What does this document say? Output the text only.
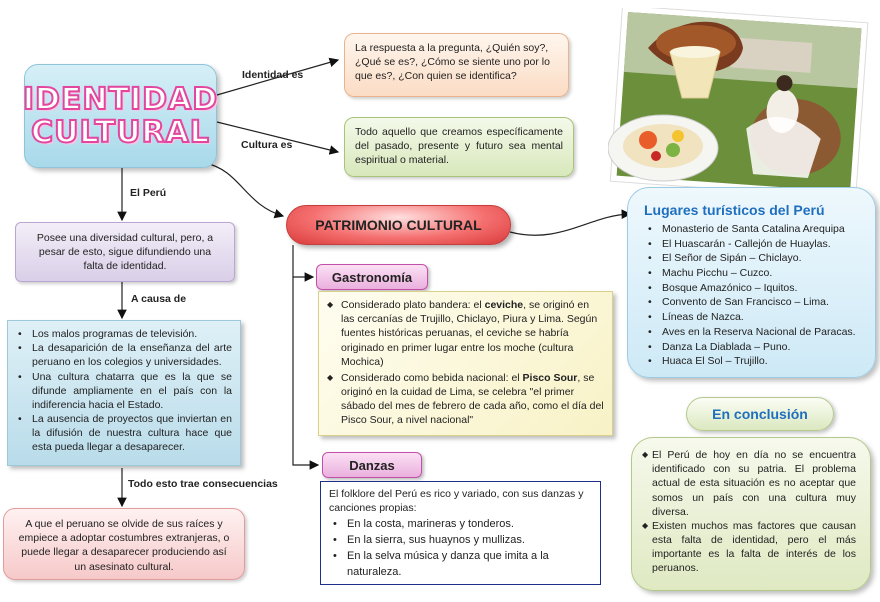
IDENTIDAD
CULTURAL
Identidad es
Cultura es
El Perú
A causa de
Todo esto trae consecuencias
La respuesta a la pregunta, ¿Quién soy?, ¿Qué se es?, ¿Cómo se siente uno por lo que es?, ¿Con quien se identifica?
Todo aquello que creamos específicamente del pasado, presente y futuro sea mental espiritual o material.
Posee una diversidad cultural, pero, a pesar de esto, sigue difundiendo una falta de identidad.
• Los malos programas de televisión.
• La desaparición de la enseñanza del arte peruano en los colegios y universidades.
• Una cultura chatarra que es la que se difunde ampliamente en el país con la indiferencia hacia el Estado.
• La ausencia de proyectos que inviertan en la difusión de nuestra cultura hace que esta pueda llegar a desaparecer.
A que el peruano se olvide de sus raíces y empiece a adoptar costumbres extranjeras, o puede llegar a desaparecer produciendo así un asesinato cultural.
PATRIMONIO CULTURAL
Gastronomía
◆ Considerado plato bandera: el ceviche, se originó en las cercanías de Trujillo, Chiclayo, Piura y Lima. Según fuentes históricas peruanas, el ceviche se habría originado en primer lugar entre los moche (cultura Mochica)
◆ Considerado como bebida nacional: el Pisco Sour, se originó en la cuidad de Lima, se celebra "el primer sábado del mes de febrero de cada año, como el día del Pisco Sour, a nivel nacional"
Danzas
El folklore del Perú es rico y variado, con sus danzas y canciones propias:
• En la costa, marineras y tonderos.
• En la sierra, sus huaynos y mullizas.
• En la selva música y danza que imita a la naturaleza.
Lugares turísticos del Perú
• Monasterio de Santa Catalina Arequipa
• El Huascarán - Callejón de Huaylas.
• El Señor de Sipán – Chiclayo.
• Machu Picchu – Cuzco.
• Bosque Amazónico – Iquitos.
• Convento de San Francisco – Lima.
• Líneas de Nazca.
• Aves en la Reserva Nacional de Paracas.
• Danza La Diablada – Puno.
• Huaca El Sol – Trujillo.
En conclusión
◆ El Perú de hoy en día no se encuentra identificado con su patria. El problema actual de esta situación es no aceptar que somos un país con una cultura muy diversa.
◆ Existen muchos mas factores que causan esta falta de identidad, pero el más importante es la falta de interés de los peruanos.
